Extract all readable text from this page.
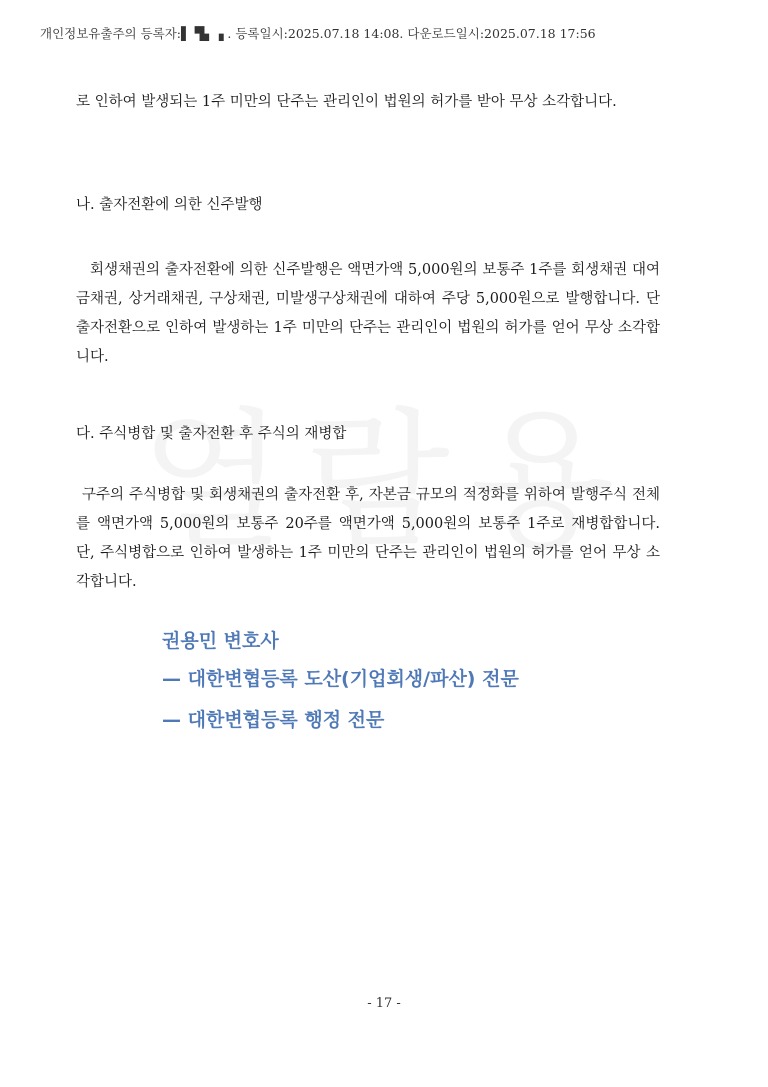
개인정보유출주의 등록자:▌ ▜▖▗ . 등록일시:2025.07.18 14:08. 다운로드일시:2025.07.18 17:56
로 인하여 발생되는 1주 미만의 단주는 관리인이 법원의 허가를 받아 무상 소각합니다.
나. 출자전환에 의한 신주발행
회생채권의 출자전환에 의한 신주발행은 액면가액 5,000원의 보통주 1주를 회생채권 대여금채권, 상거래채권, 구상채권, 미발생구상채권에 대하여 주당 5,000원으로 발행합니다. 단 출자전환으로 인하여 발생하는 1주 미만의 단주는 관리인이 법원의 허가를 얻어 무상 소각합니다.
다. 주식병합 및 출자전환 후 주식의 재병합
구주의 주식병합 및 회생채권의 출자전환 후, 자본금 규모의 적정화를 위하여 발행주식 전체를 액면가액 5,000원의 보통주 20주를 액면가액 5,000원의 보통주 1주로 재병합합니다. 단, 주식병합으로 인하여 발생하는 1주 미만의 단주는 관리인이 법원의 허가를 얻어 무상 소각합니다.
권용민 변호사
— 대한변협등록 도산(기업회생/파산) 전문
— 대한변협등록 행정 전문
- 17 -
